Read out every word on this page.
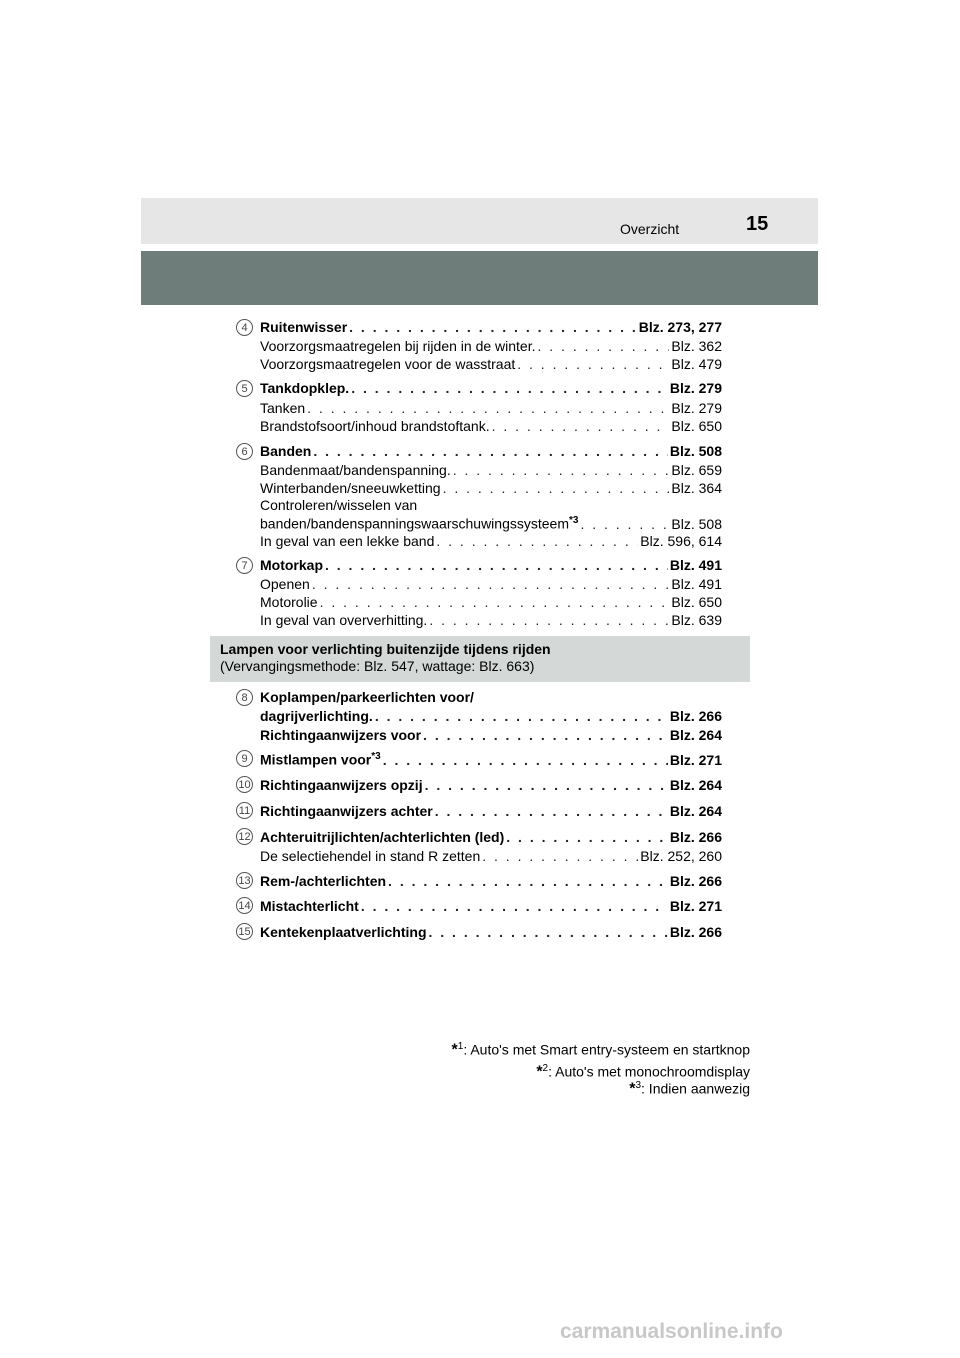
Overzicht	15
4 Ruitenwisser . . .	Blz. 273, 277
Voorzorgsmaatregelen bij rijden in de winter. . . .	Blz. 362
Voorzorgsmaatregelen voor de wasstraat . . .	Blz. 479
5 Tankdopklep. . . .	Blz. 279
Tanken . . .	Blz. 279
Brandstofsoort/inhoud brandstoftank. . . .	Blz. 650
6 Banden . . .	Blz. 508
Bandenmaat/bandenspanning. . . .	Blz. 659
Winterbanden/sneeuwketting . . .	Blz. 364
Controleren/wisselen van
banden/bandenspanningswaarschuwingssysteem$^{*3}$ . . .	Blz. 508
In geval van een lekke band . . .	Blz. 596, 614
7 Motorkap . . .	Blz. 491
Openen . . .	Blz. 491
Motorolie . . .	Blz. 650
In geval van oververhitting. . . .	Blz. 639
Lampen voor verlichting buitenzijde tijdens rijden
(Vervangingsmethode: Blz. 547, wattage: Blz. 663)
8 Koplampen/parkeerlichten voor/
dagrijverlichting. . . .	Blz. 266
Richtingaanwijzers voor . . .	Blz. 264
9 Mistlampen voor$^{*3}$ . . .	Blz. 271
10 Richtingaanwijzers opzij . . .	Blz. 264
11 Richtingaanwijzers achter . . .	Blz. 264
12 Achteruitrijlichten/achterlichten (led) . . .	Blz. 266
De selectiehendel in stand R zetten . . .	Blz. 252, 260
13 Rem-/achterlichten . . .	Blz. 266
14 Mistachterlicht . . .	Blz. 271
15 Kentekenplaatverlichting . . .	Blz. 266
*$^1$: Auto's met Smart entry-systeem en startknop
*$^2$: Auto's met monochroomdisplay
*$^3$: Indien aanwezig
carmanualsonline.info
